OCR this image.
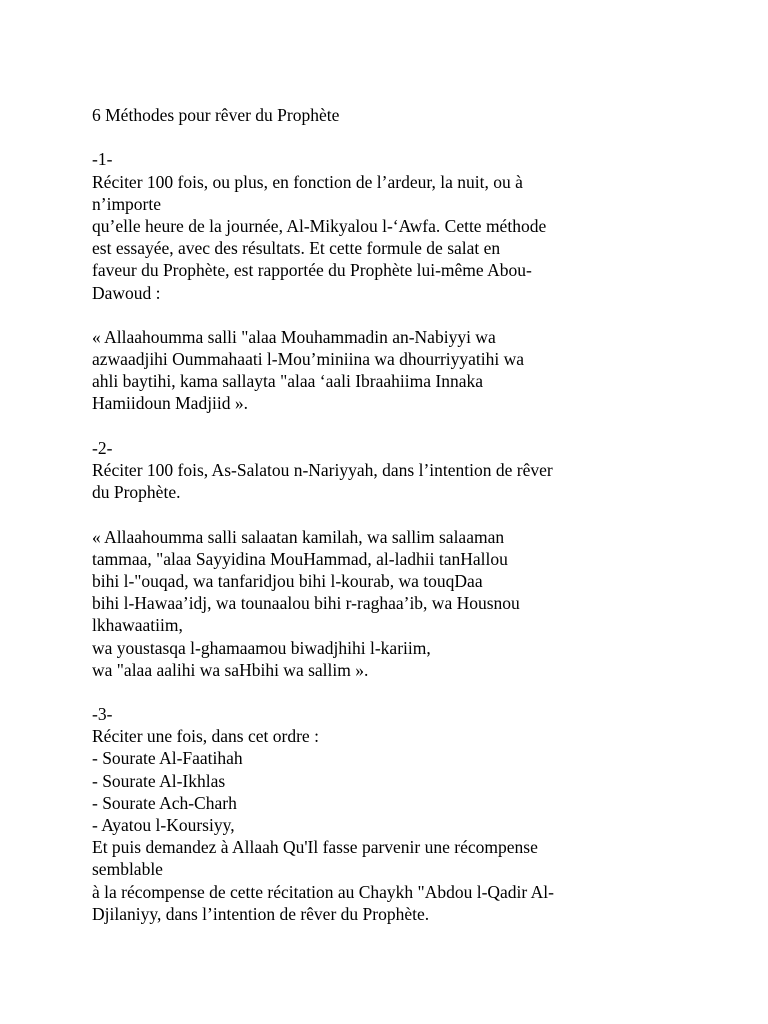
6 Méthodes pour rêver du Prophète
-1-
Réciter 100 fois, ou plus, en fonction de l’ardeur, la nuit, ou à
n’importe
qu’elle heure de la journée, Al-Mikyalou l-‘Awfa. Cette méthode
est essayée, avec des résultats. Et cette formule de salat en
faveur du Prophète, est rapportée du Prophète lui-même Abou-
Dawoud :
« Allaahoumma salli "alaa Mouhammadin an-Nabiyyi wa
azwaadjihi Oummahaati l-Mou’miniina wa dhourriyyatihi wa
ahli baytihi, kama sallayta "alaa ‘aali Ibraahiima Innaka
Hamiidoun Madjiid ».
-2-
Réciter 100 fois, As-Salatou n-Nariyyah, dans l’intention de rêver
du Prophète.
« Allaahoumma salli salaatan kamilah, wa sallim salaaman
tammaa, "alaa Sayyidina MouHammad, al-ladhii tanHallou
bihi l-"ouqad, wa tanfaridjou bihi l-kourab, wa touqDaa
bihi l-Hawaa’idj, wa tounaalou bihi r-raghaa’ib, wa Housnou
lkhawaatiim,
wa youstasqa l-ghamaamou biwadjhihi l-kariim,
wa "alaa aalihi wa saHbihi wa sallim ».
-3-
Réciter une fois, dans cet ordre :
- Sourate Al-Faatihah
- Sourate Al-Ikhlas
- Sourate Ach-Charh
- Ayatou l-Koursiyy,
Et puis demandez à Allaah Qu'Il fasse parvenir une récompense
semblable
à la récompense de cette récitation au Chaykh "Abdou l-Qadir Al-
Djilaniyy, dans l’intention de rêver du Prophète.
